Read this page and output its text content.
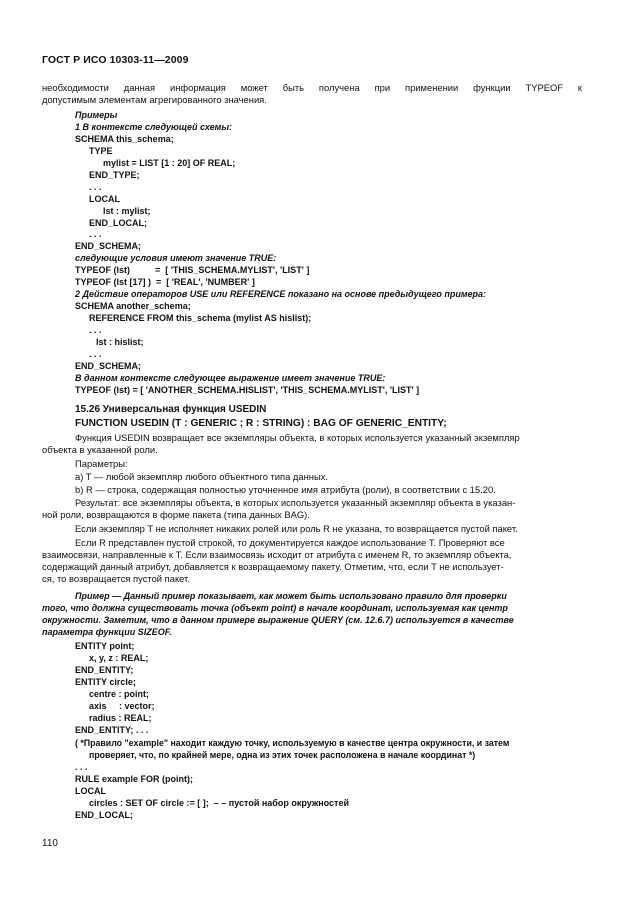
ГОСТ Р ИСО 10303-11—2009
необходимости данная информация может быть получена при применении функции TYPEOF к
допустимым элементам агрегированного значения.
Примеры
1 В контексте следующей схемы:
SCHEMA this_schema;
TYPE
mylist = LIST [1 : 20] OF REAL;
END_TYPE;
. . .
LOCAL
lst : mylist;
END_LOCAL;
. . .
END_SCHEMA;
следующие условия имеют значение TRUE:
TYPEOF (lst)          =  [ 'THIS_SCHEMA.MYLIST', 'LIST' ]
TYPEOF (lst [17] )  =  [ 'REAL', 'NUMBER' ]
2 Действие операторов USE или REFERENCE показано на основе предыдущего примера:
SCHEMA another_schema;
REFERENCE FROM this_schema (mylist AS hislist);
. . .
lst : hislist;
. . .
END_SCHEMA;
В данном контексте следующее выражение имеет значение TRUE:
TYPEOF (lst) = [ 'ANOTHER_SCHEMA.HISLIST', 'THIS_SCHEMA.MYLIST', 'LIST' ]
15.26 Универсальная функция USEDIN
FUNCTION USEDIN (T : GENERIC ; R : STRING) : BAG OF GENERIC_ENTITY;
Функция USEDIN возвращает все экземпляры объекта, в которых используется указанный экземпляр
объекта в указанной роли.
Параметры:
a) T — любой экземпляр любого объектного типа данных.
b) R — строка, содержащая полностью уточненное имя атрибута (роли), в соответствии с 15.20.
Результат: все экземпляры объекта, в которых используется указанный экземпляр объекта в указан-
ной роли, возвращаются в форме пакета (типа данных BAG).
Если экземпляр T не исполняет никаких ролей или роль R не указана, то возвращается пустой пакет.
Если R представлен пустой строкой, то документируется каждое использование T. Проверяют все
взаимосвязи, направленные к T. Если взаимосвязь исходит от атрибута с именем R, то экземпляр объекта,
содержащий данный атрибут, добавляется к возвращаемому пакету. Отметим, что, если T не использует-
ся, то возвращается пустой пакет.
Пример — Данный пример показывает, как может быть использовано правило для проверки
того, что должна существовать точка (объект point) в начале координат, используемая как центр
окружности. Заметим, что в данном примере выражение QUERY (см. 12.6.7) используется в качестве
параметра функции SIZEOF.
ENTITY point;
x, y, z : REAL;
END_ENTITY;
ENTITY circle;
centre : point;
axis     : vector;
radius : REAL;
END_ENTITY; . . .
( *Правило "example" находит каждую точку, используемую в качестве центра окружности, и затем
проверяет, что, по крайней мере, одна из этих точек расположена в начале координат *)
. . .
RULE example FOR (point);
LOCAL
circles : SET OF circle := [ ];  – – пустой набор окружностей
END_LOCAL;
110
